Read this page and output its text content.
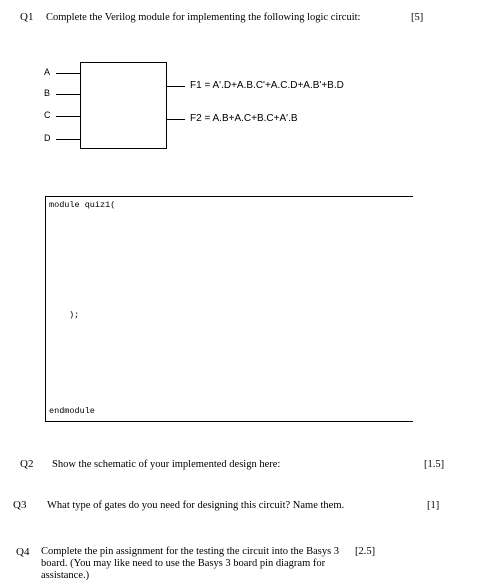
Q1 Complete the Verilog module for implementing the following logic circuit:	[5]
A
B
C
D
F1 = A'.D+A.B.C'+A.C.D+A.B'+B.D
F2 = A.B+A.C+B.C+A'.B
module quiz1(
);
endmodule
Q2 Show the schematic of your implemented design here:	[1.5]
Q3 What type of gates do you need for designing this circuit? Name them.	[1]
Q4 Complete the pin assignment for the testing the circuit into the Basys 3 [2.5]
board. (You may like need to use the Basys 3 board pin diagram for
assistance.)
